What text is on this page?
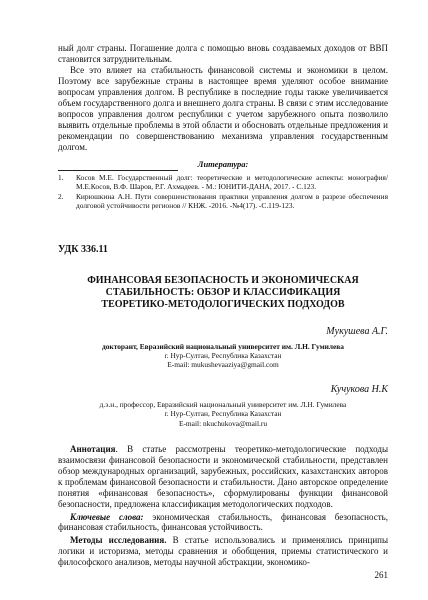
ный долг страны. Погашение долга с помощью вновь создаваемых доходов от ВВП становится затруднительным.

Все это влияет на стабильность финансовой системы и экономики в целом. Поэтому все зарубежные страны в настоящее время уделяют особое внимание вопросам управления долгом. В республике в последние годы также увеличивается объем государственного долга и внешнего долга страны. В связи с этим исследование вопросов управления долгом республики с учетом зарубежного опыта позволило выявить отдельные проблемы в этой области и обосновать отдельные предложения и рекомендации по совершенствованию механизма управления государственным долгом.

Литература:
1.	Косов М.Е. Государственный долг: теоретические и методологические аспекты: монография/М.Е.Косов, В.Ф. Шаров, Р.Г. Ахмадеев. - М.: ЮНИТИ-ДАНА, 2017. - С.123.
2.	Кирюшкина А.Н. Пути совершенствования практики управления долгом в разрезе обеспечения долговой устойчивости регионов // КНЖ. -2016. -№4(17). -С.119-123.
УДК 336.11
ФИНАНСОВАЯ БЕЗОПАСНОСТЬ И ЭКОНОМИЧЕСКАЯ
СТАБИЛЬНОСТЬ: ОБЗОР И КЛАССИФИКАЦИЯ
ТЕОРЕТИКО-МЕТОДОЛОГИЧЕСКИХ ПОДХОДОВ

Мукушева А.Г.

докторант, Евразийский национальный университет им. Л.Н. Гумилева

г. Нур-Султан, Республика Казахстан

E-mail: mukushevaaziya@gmail.com

Кучукова Н.К

д.э.н., профессор, Евразийский национальный университет им. Л.Н. Гумилева

г. Нур-Султан, Республика Казахстан

E-mail: nkuchukova@mail.ru

Аннотация. В статье рассмотрены теоретико-методологические подходы взаимосвязи финансовой безопасности и экономической стабильности, представлен обзор международных организаций, зарубежных, российских, казахстанских авторов к проблемам финансовой безопасности и стабильности. Дано авторское определение понятия «финансовая безопасность», сформулированы функции финансовой безопасности, предложена классификация методологических подходов.

Ключевые слова: экономическая стабильность, финансовая безопасность, финансовая стабильность, финансовая устойчивость.

Методы исследования. В статье использовались и применялись принципы логики и историзма, методы сравнения и обобщения, приемы статистического и философского анализов, методы научной абстракции, экономико-

261
